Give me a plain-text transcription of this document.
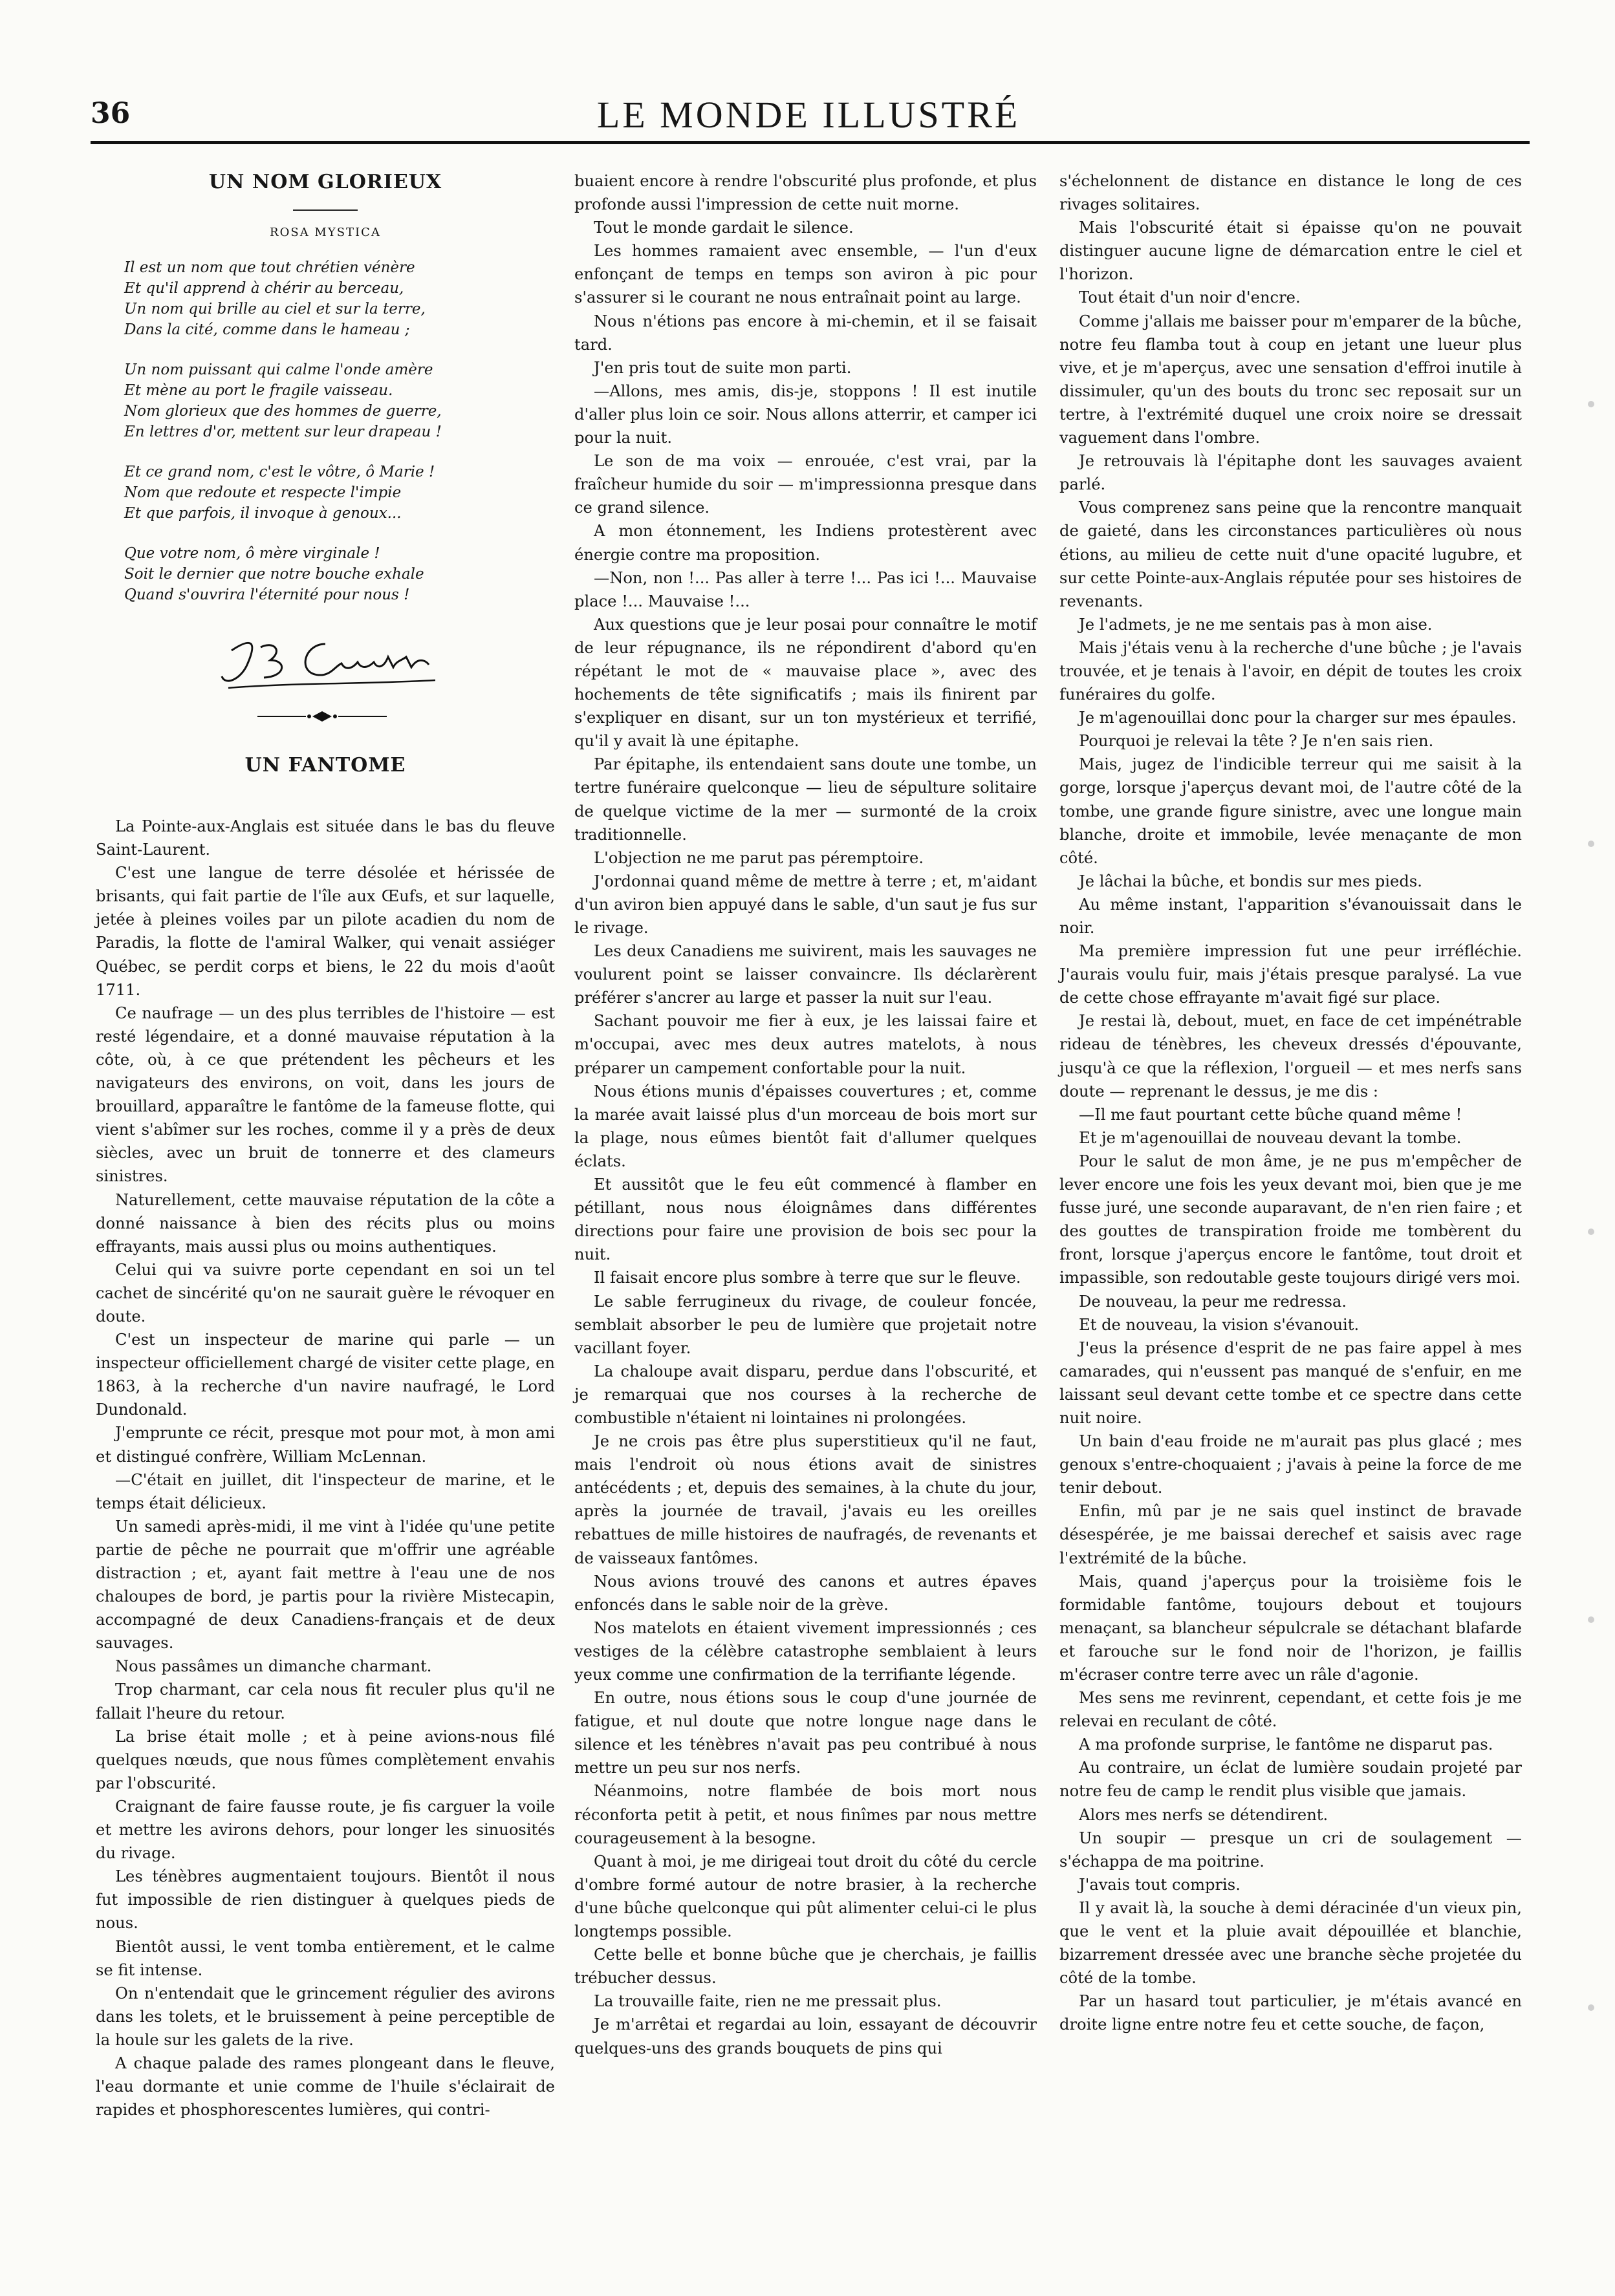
36	LE MONDE ILLUSTRÉ
UN NOM GLORIEUX
ROSA MYSTICA
Il est un nom que tout chrétien vénère
Et qu'il apprend à chérir au berceau,
Un nom qui brille au ciel et sur la terre,
Dans la cité, comme dans le hameau ;
Un nom puissant qui calme l'onde amère
Et mène au port le fragile vaisseau.
Nom glorieux que des hommes de guerre,
En lettres d'or, mettent sur leur drapeau !
Et ce grand nom, c'est le vôtre, ô Marie !
Nom que redoute et respecte l'impie
Et que parfois, il invoque à genoux...
Que votre nom, ô mère virginale !
Soit le dernier que notre bouche exhale
Quand s'ouvrira l'éternité pour nous !
UN FANTOME

La Pointe-aux-Anglais est située dans le bas du fleuve Saint-Laurent.

C'est une langue de terre désolée et hérissée de brisants, qui fait partie de l'île aux Œufs, et sur laquelle, jetée à pleines voiles par un pilote acadien du nom de Paradis, la flotte de l'amiral Walker, qui venait assiéger Québec, se perdit corps et biens, le 22 du mois d'août 1711.

Ce naufrage — un des plus terribles de l'histoire — est resté légendaire, et a donné mauvaise réputation à la côte, où, à ce que prétendent les pêcheurs et les navigateurs des environs, on voit, dans les jours de brouillard, apparaître le fantôme de la fameuse flotte, qui vient s'abîmer sur les roches, comme il y a près de deux siècles, avec un bruit de tonnerre et des clameurs sinistres.

Naturellement, cette mauvaise réputation de la côte a donné naissance à bien des récits plus ou moins effrayants, mais aussi plus ou moins authentiques.

Celui qui va suivre porte cependant en soi un tel cachet de sincérité qu'on ne saurait guère le révoquer en doute.

C'est un inspecteur de marine qui parle — un inspecteur officiellement chargé de visiter cette plage, en 1863, à la recherche d'un navire naufragé, le Lord Dundonald.

J'emprunte ce récit, presque mot pour mot, à mon ami et distingué confrère, William McLennan.

—C'était en juillet, dit l'inspecteur de marine, et le temps était délicieux.

Un samedi après-midi, il me vint à l'idée qu'une petite partie de pêche ne pourrait que m'offrir une agréable distraction ; et, ayant fait mettre à l'eau une de nos chaloupes de bord, je partis pour la rivière Mistecapin, accompagné de deux Canadiens-français et de deux sauvages.

Nous passâmes un dimanche charmant.

Trop charmant, car cela nous fit reculer plus qu'il ne fallait l'heure du retour.

La brise était molle ; et à peine avions-nous filé quelques nœuds, que nous fûmes complètement envahis par l'obscurité.

Craignant de faire fausse route, je fis carguer la voile et mettre les avirons dehors, pour longer les sinuosités du rivage.

Les ténèbres augmentaient toujours. Bientôt il nous fut impossible de rien distinguer à quelques pieds de nous.

Bientôt aussi, le vent tomba entièrement, et le calme se fit intense.

On n'entendait que le grincement régulier des avirons dans les tolets, et le bruissement à peine perceptible de la houle sur les galets de la rive.

A chaque palade des rames plongeant dans le fleuve, l'eau dormante et unie comme de l'huile s'éclairait de rapides et phosphorescentes lumières, qui contri-

buaient encore à rendre l'obscurité plus profonde, et plus profonde aussi l'impression de cette nuit morne.

Tout le monde gardait le silence.

Les hommes ramaient avec ensemble, — l'un d'eux enfonçant de temps en temps son aviron à pic pour s'assurer si le courant ne nous entraînait point au large.

Nous n'étions pas encore à mi-chemin, et il se faisait tard.

J'en pris tout de suite mon parti.

—Allons, mes amis, dis-je, stoppons ! Il est inutile d'aller plus loin ce soir. Nous allons atterrir, et camper ici pour la nuit.

Le son de ma voix — enrouée, c'est vrai, par la fraîcheur humide du soir — m'impressionna presque dans ce grand silence.

A mon étonnement, les Indiens protestèrent avec énergie contre ma proposition.

—Non, non !... Pas aller à terre !... Pas ici !... Mauvaise place !... Mauvaise !...

Aux questions que je leur posai pour connaître le motif de leur répugnance, ils ne répondirent d'abord qu'en répétant le mot de « mauvaise place », avec des hochements de tête significatifs ; mais ils finirent par s'expliquer en disant, sur un ton mystérieux et terrifié, qu'il y avait là une épitaphe.

Par épitaphe, ils entendaient sans doute une tombe, un tertre funéraire quelconque — lieu de sépulture solitaire de quelque victime de la mer — surmonté de la croix traditionnelle.

L'objection ne me parut pas péremptoire.

J'ordonnai quand même de mettre à terre ; et, m'aidant d'un aviron bien appuyé dans le sable, d'un saut je fus sur le rivage.

Les deux Canadiens me suivirent, mais les sauvages ne voulurent point se laisser convaincre. Ils déclarèrent préférer s'ancrer au large et passer la nuit sur l'eau.

Sachant pouvoir me fier à eux, je les laissai faire et m'occupai, avec mes deux autres matelots, à nous préparer un campement confortable pour la nuit.

Nous étions munis d'épaisses couvertures ; et, comme la marée avait laissé plus d'un morceau de bois mort sur la plage, nous eûmes bientôt fait d'allumer quelques éclats.

Et aussitôt que le feu eût commencé à flamber en pétillant, nous nous éloignâmes dans différentes directions pour faire une provision de bois sec pour la nuit.

Il faisait encore plus sombre à terre que sur le fleuve.

Le sable ferrugineux du rivage, de couleur foncée, semblait absorber le peu de lumière que projetait notre vacillant foyer.

La chaloupe avait disparu, perdue dans l'obscurité, et je remarquai que nos courses à la recherche de combustible n'étaient ni lointaines ni prolongées.

Je ne crois pas être plus superstitieux qu'il ne faut, mais l'endroit où nous étions avait de sinistres antécédents ; et, depuis des semaines, à la chute du jour, après la journée de travail, j'avais eu les oreilles rebattues de mille histoires de naufragés, de revenants et de vaisseaux fantômes.

Nous avions trouvé des canons et autres épaves enfoncés dans le sable noir de la grève.

Nos matelots en étaient vivement impressionnés ; ces vestiges de la célèbre catastrophe semblaient à leurs yeux comme une confirmation de la terrifiante légende.

En outre, nous étions sous le coup d'une journée de fatigue, et nul doute que notre longue nage dans le silence et les ténèbres n'avait pas peu contribué à nous mettre un peu sur nos nerfs.

Néanmoins, notre flambée de bois mort nous réconforta petit à petit, et nous finîmes par nous mettre courageusement à la besogne.

Quant à moi, je me dirigeai tout droit du côté du cercle d'ombre formé autour de notre brasier, à la recherche d'une bûche quelconque qui pût alimenter celui-ci le plus longtemps possible.

Cette belle et bonne bûche que je cherchais, je faillis trébucher dessus.

La trouvaille faite, rien ne me pressait plus.

Je m'arrêtai et regardai au loin, essayant de découvrir quelques-uns des grands bouquets de pins qui

s'échelonnent de distance en distance le long de ces rivages solitaires.

Mais l'obscurité était si épaisse qu'on ne pouvait distinguer aucune ligne de démarcation entre le ciel et l'horizon.

Tout était d'un noir d'encre.

Comme j'allais me baisser pour m'emparer de la bûche, notre feu flamba tout à coup en jetant une lueur plus vive, et je m'aperçus, avec une sensation d'effroi inutile à dissimuler, qu'un des bouts du tronc sec reposait sur un tertre, à l'extrémité duquel une croix noire se dressait vaguement dans l'ombre.

Je retrouvais là l'épitaphe dont les sauvages avaient parlé.

Vous comprenez sans peine que la rencontre manquait de gaieté, dans les circonstances particulières où nous étions, au milieu de cette nuit d'une opacité lugubre, et sur cette Pointe-aux-Anglais réputée pour ses histoires de revenants.

Je l'admets, je ne me sentais pas à mon aise.

Mais j'étais venu à la recherche d'une bûche ; je l'avais trouvée, et je tenais à l'avoir, en dépit de toutes les croix funéraires du golfe.

Je m'agenouillai donc pour la charger sur mes épaules.

Pourquoi je relevai la tête ? Je n'en sais rien.

Mais, jugez de l'indicible terreur qui me saisit à la gorge, lorsque j'aperçus devant moi, de l'autre côté de la tombe, une grande figure sinistre, avec une longue main blanche, droite et immobile, levée menaçante de mon côté.

Je lâchai la bûche, et bondis sur mes pieds.

Au même instant, l'apparition s'évanouissait dans le noir.

Ma première impression fut une peur irréfléchie. J'aurais voulu fuir, mais j'étais presque paralysé. La vue de cette chose effrayante m'avait figé sur place.

Je restai là, debout, muet, en face de cet impénétrable rideau de ténèbres, les cheveux dressés d'épouvante, jusqu'à ce que la réflexion, l'orgueil — et mes nerfs sans doute — reprenant le dessus, je me dis :

—Il me faut pourtant cette bûche quand même !

Et je m'agenouillai de nouveau devant la tombe.

Pour le salut de mon âme, je ne pus m'empêcher de lever encore une fois les yeux devant moi, bien que je me fusse juré, une seconde auparavant, de n'en rien faire ; et des gouttes de transpiration froide me tombèrent du front, lorsque j'aperçus encore le fantôme, tout droit et impassible, son redoutable geste toujours dirigé vers moi.

De nouveau, la peur me redressa.

Et de nouveau, la vision s'évanouit.

J'eus la présence d'esprit de ne pas faire appel à mes camarades, qui n'eussent pas manqué de s'enfuir, en me laissant seul devant cette tombe et ce spectre dans cette nuit noire.

Un bain d'eau froide ne m'aurait pas plus glacé ; mes genoux s'entre-choquaient ; j'avais à peine la force de me tenir debout.

Enfin, mû par je ne sais quel instinct de bravade désespérée, je me baissai derechef et saisis avec rage l'extrémité de la bûche.

Mais, quand j'aperçus pour la troisième fois le formidable fantôme, toujours debout et toujours menaçant, sa blancheur sépulcrale se détachant blafarde et farouche sur le fond noir de l'horizon, je faillis m'écraser contre terre avec un râle d'agonie.

Mes sens me revinrent, cependant, et cette fois je me relevai en reculant de côté.

A ma profonde surprise, le fantôme ne disparut pas.

Au contraire, un éclat de lumière soudain projeté par notre feu de camp le rendit plus visible que jamais.

Alors mes nerfs se détendirent.

Un soupir — presque un cri de soulagement — s'échappa de ma poitrine.

J'avais tout compris.

Il y avait là, la souche à demi déracinée d'un vieux pin, que le vent et la pluie avait dépouillée et blanchie, bizarrement dressée avec une branche sèche projetée du côté de la tombe.

Par un hasard tout particulier, je m'étais avancé en droite ligne entre notre feu et cette souche, de façon,
